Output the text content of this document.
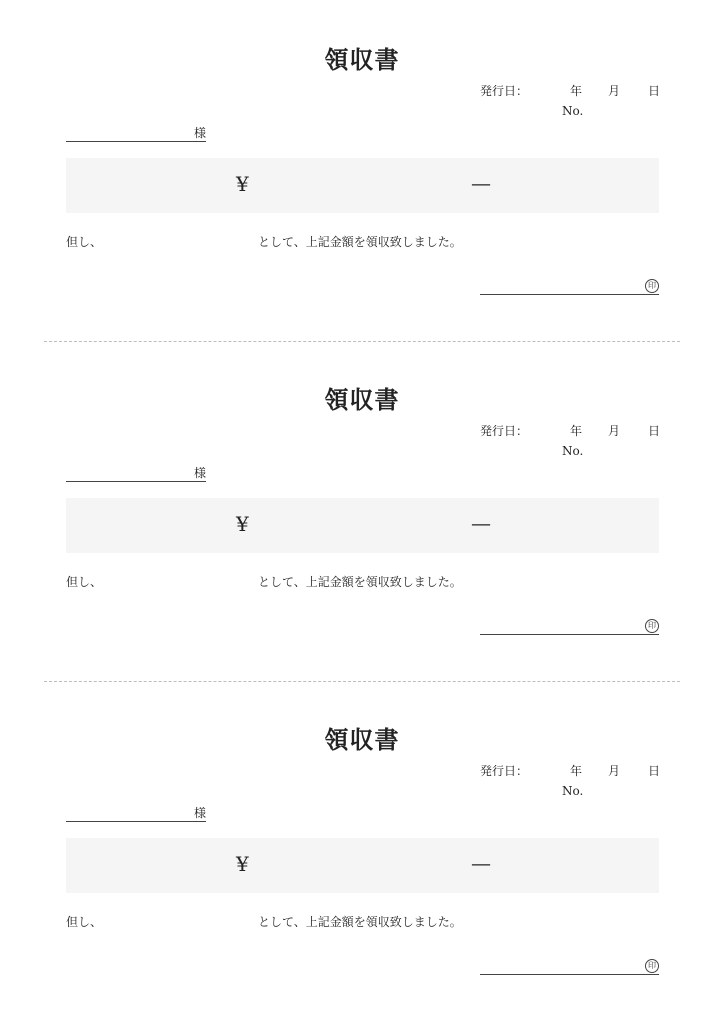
領収書
発行日：	年 月 日
No.
様
¥	—
但し、	として、上記金額を領収致しました。
印
領収書
発行日：	年 月 日
No.
様
¥	—
但し、	として、上記金額を領収致しました。
印
領収書
発行日：	年 月 日
No.
様
¥	—
但し、	として、上記金額を領収致しました。
印
